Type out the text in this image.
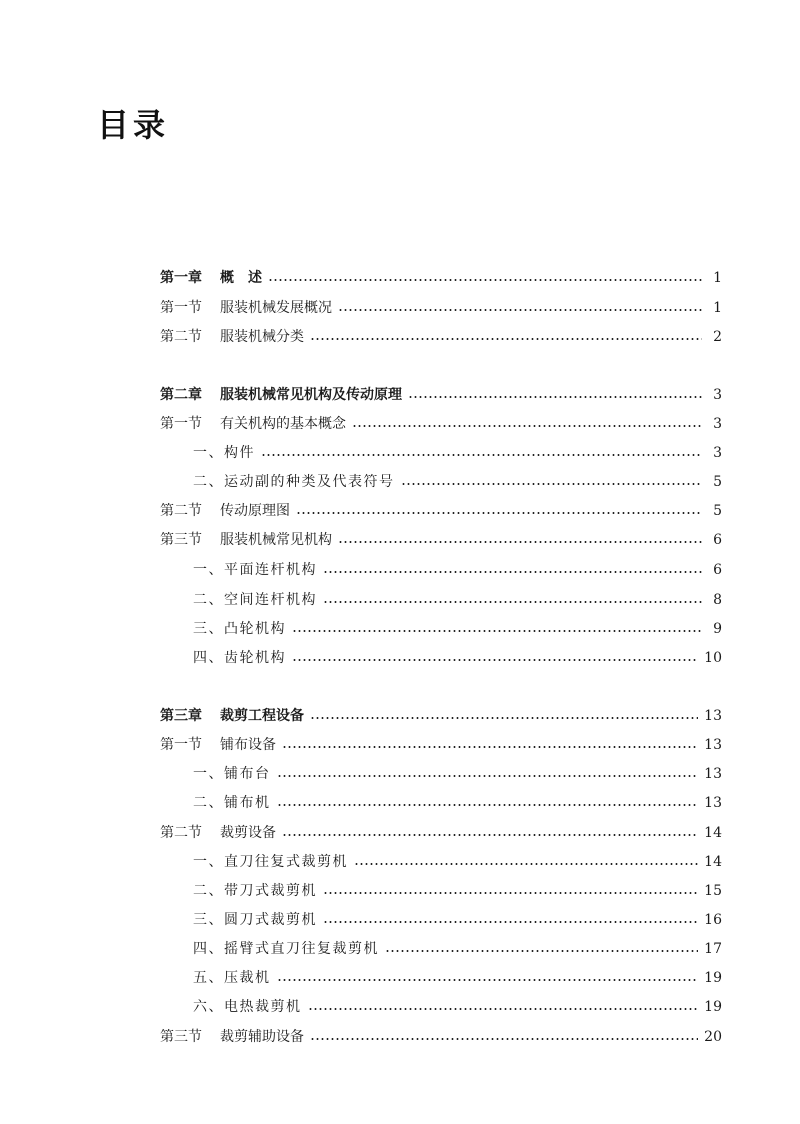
目录
第一章 概　述	1
第一节 服装机械发展概况	1
第二节 服装机械分类	2
第二章 服装机械常见机构及传动原理	3
第一节 有关机构的基本概念	3
一、构件	3
二、运动副的种类及代表符号	5
第二节 传动原理图	5
第三节 服装机械常见机构	6
一、平面连杆机构	6
二、空间连杆机构	8
三、凸轮机构	9
四、齿轮机构	10
第三章 裁剪工程设备	13
第一节 铺布设备	13
一、铺布台	13
二、铺布机	13
第二节 裁剪设备	14
一、直刀往复式裁剪机	14
二、带刀式裁剪机	15
三、圆刀式裁剪机	16
四、摇臂式直刀往复裁剪机	17
五、压裁机	19
六、电热裁剪机	19
第三节 裁剪辅助设备	20
